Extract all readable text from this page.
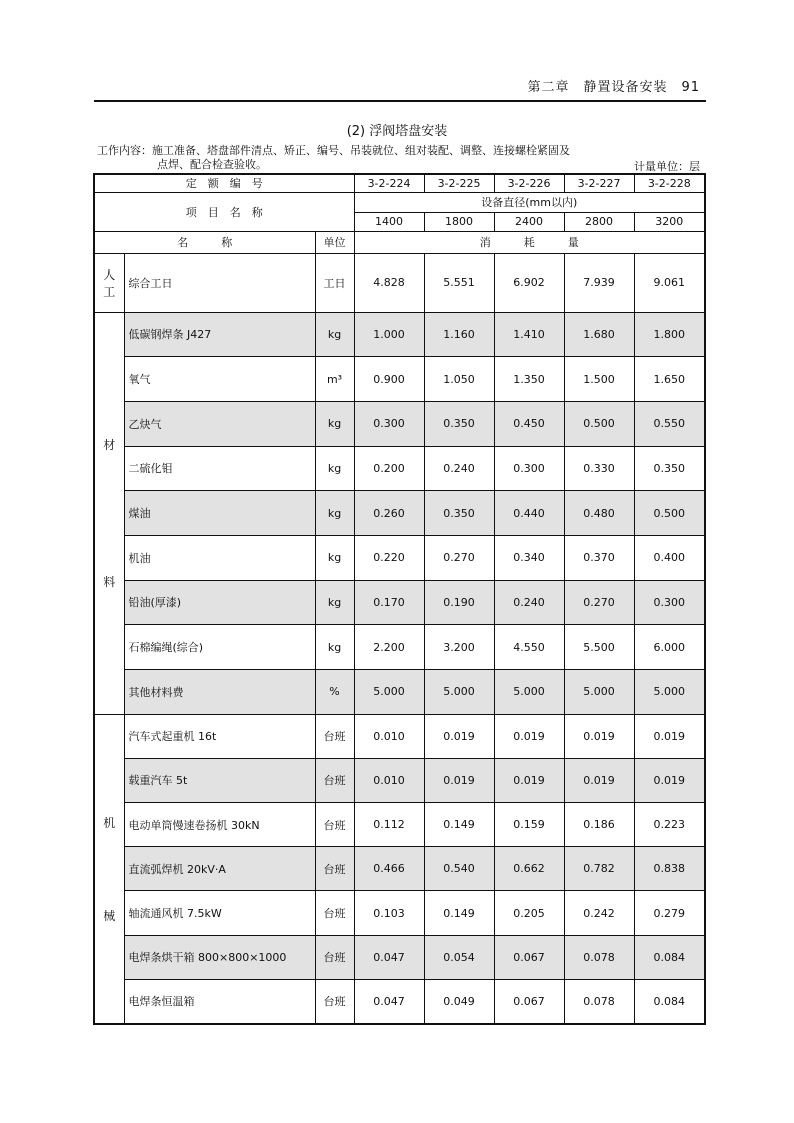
第二章　静置设备安装　91
(2) 浮阀塔盘安装
工作内容：施工准备、塔盘部件清点、矫正、编号、吊装就位、组对装配、调整、连接螺栓紧固及
点焊、配合检查验收。	计量单位：层
定　额　编　号			3-2-224	3-2-225	3-2-226	3-2-227	3-2-228
项　目　名　称			设备直径(mm以内)				
			1400	1800	2400	2800	3200
名　　　称		单位	消　　　耗　　　量				

人
工	综合工日	工日	4.828	5.551	6.902	7.939	9.061

材
料	低碳钢焊条 J427	kg	1.000	1.160	1.410	1.680	1.800
	氧气	m³	0.900	1.050	1.350	1.500	1.650
	乙炔气	kg	0.300	0.350	0.450	0.500	0.550
	二硫化钼	kg	0.200	0.240	0.300	0.330	0.350
	煤油	kg	0.260	0.350	0.440	0.480	0.500
	机油	kg	0.220	0.270	0.340	0.370	0.400
	铅油(厚漆)	kg	0.170	0.190	0.240	0.270	0.300
	石棉编绳(综合)	kg	2.200	3.200	4.550	5.500	6.000
	其他材料费	%	5.000	5.000	5.000	5.000	5.000

机
械	汽车式起重机 16t	台班	0.010	0.019	0.019	0.019	0.019
	载重汽车 5t	台班	0.010	0.019	0.019	0.019	0.019
	电动单筒慢速卷扬机 30kN	台班	0.112	0.149	0.159	0.186	0.223
	直流弧焊机 20kV·A	台班	0.466	0.540	0.662	0.782	0.838
	轴流通风机 7.5kW	台班	0.103	0.149	0.205	0.242	0.279
	电焊条烘干箱 800×800×1000	台班	0.047	0.054	0.067	0.078	0.084
	电焊条恒温箱	台班	0.047	0.049	0.067	0.078	0.084
